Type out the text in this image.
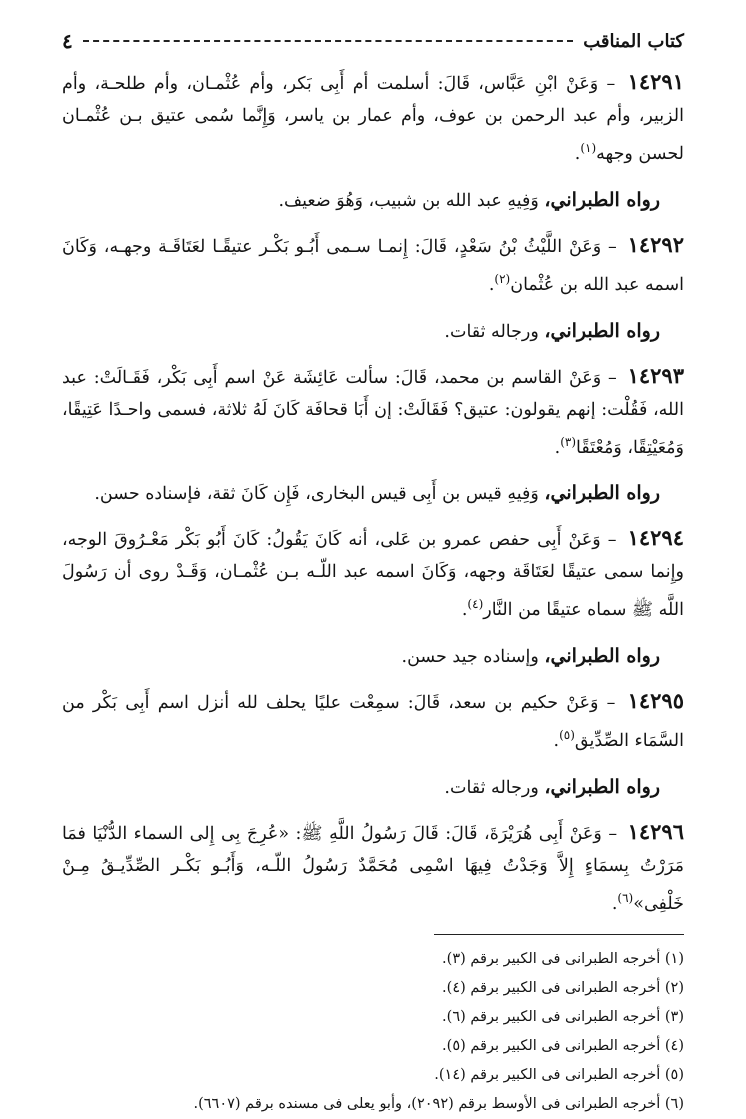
كتاب المناقب
٤

١٤٢٩١ – وَعَنْ ابْنِ عَبَّاس، قَالَ: أسلمت أم أَبِى بَكر، وأم عُثْمـان، وأم طلحـة، وأم الزبير، وأم عبد الرحمن بن عوف، وأم عمار بن ياسر، وَإِنَّما سُمى عتيق بـن عُثْمـان لحسن وجهه$^{(١)}$.

رواه الطبراني، وَفِيهِ عبد الله بن شبيب، وَهُوَ ضعيف.

١٤٢٩٢ – وَعَنْ اللَّيْثُ بْنُ سَعْدٍ، قَالَ: إِنمـا سـمى أَبُـو بَكْـر عتيقًـا لعَتَاقَـة وجهـه، وَكَانَ اسمه عبد الله بن عُثْمان$^{(٢)}$.

رواه الطبراني، ورجاله ثقات.

١٤٢٩٣ – وَعَنْ القاسم بن محمد، قَالَ: سألت عَائِشَة عَنْ اسم أَبِى بَكْر، فَقَـالَتْ: عبد الله، فَقُلْت: إنهم يقولون: عتيق؟ فَقَالَتْ: إن أَبَا قحافَة كَانَ لَهُ ثلاثة، فسمى واحـدًا عَتِيقًا، وَمُعَيْتِقًا، وَمُعْتَقًا$^{(٣)}$.

رواه الطبراني، وَفِيهِ قيس بن أَبِى قيس البخارى، فَإِن كَانَ ثقة، فإسناده حسن.

١٤٢٩٤ – وَعَنْ أَبِى حفص عمرو بن عَلى، أنه كَانَ يَقُولُ: كَانَ أَبُو بَكْر مَعْـرُوقَ الوجه، وإِنما سمى عتيقًا لعَتَاقَة وجهه، وَكَانَ اسمه عبد اللّـه بـن عُثْمـان، وَقَـدْ روى أن رَسُولَ اللَّه ﷺ سماه عتيقًا من النَّار$^{(٤)}$.

رواه الطبراني، وإسناده جيد حسن.

١٤٢٩٥ – وَعَنْ حكيم بن سعد، قَالَ: سمِعْت عليًا يحلف لله أنزل اسم أَبِى بَكْر من السَّمَاء الصِّدِّيق$^{(٥)}$.

رواه الطبراني، ورجاله ثقات.

١٤٢٩٦ – وَعَنْ أَبِى هُرَيْرَةَ، قَالَ: قَالَ رَسُولُ اللَّهِ ﷺ: «عُرِجَ بِى إِلى السماء الدُّنْيَا فمَا مَرَرْتُ بِسمَاءٍ إِلاَّ وَجَدْتُ فِيهَا اسْمِى مُحَمَّدٌ رَسُولُ اللّـه، وَأَبُـو بَكْـر الصِّدِّيـقُ مِـنْ خَلْفِى»$^{(٦)}$.

(١) أخرجه الطبرانى فى الكبير برقم (٣).

(٢) أخرجه الطبرانى فى الكبير برقم (٤).

(٣) أخرجه الطبرانى فى الكبير برقم (٦).

(٤) أخرجه الطبرانى فى الكبير برقم (٥).

(٥) أخرجه الطبرانى فى الكبير برقم (١٤).

(٦) أخرجه الطبرانى فى الأوسط برقم (٢٠٩٢)، وأبو يعلى فى مسنده برقم (٦٦٠٧).
